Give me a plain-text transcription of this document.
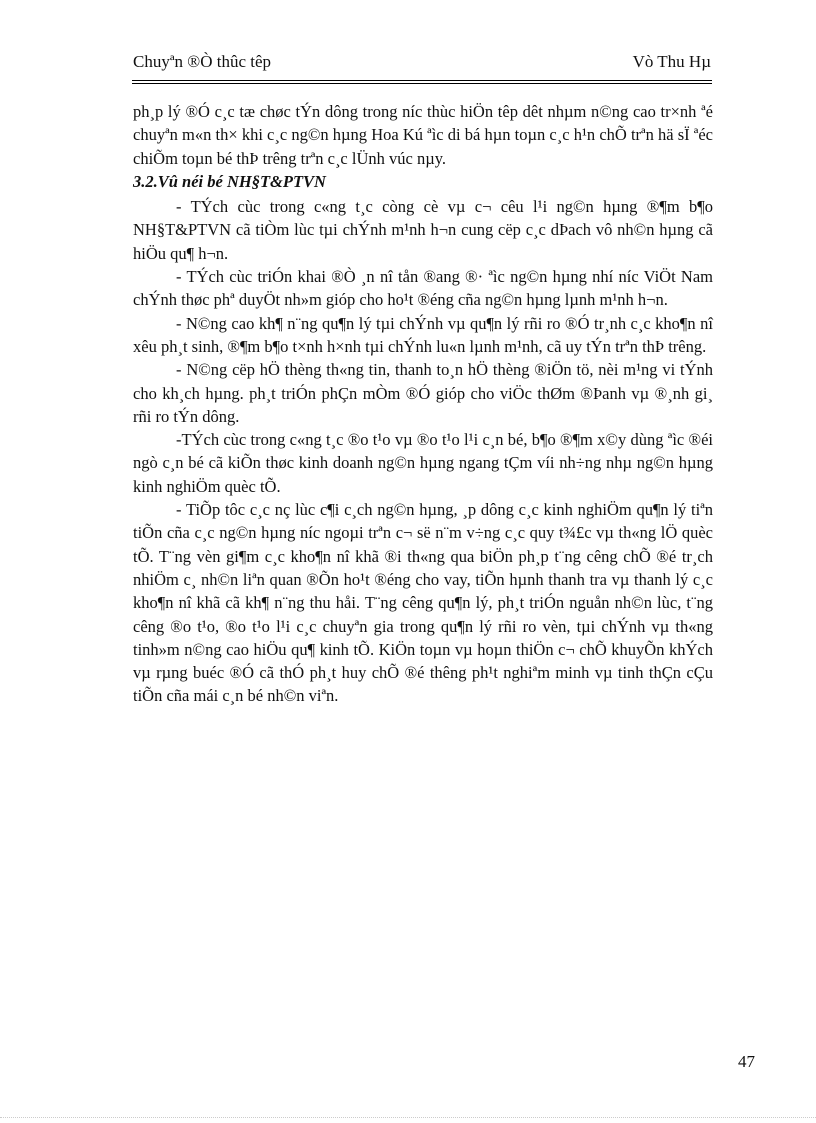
Chuyªn ®Ò thûc têp	Vò Thu Hµ

ph¸p lý ®Ó c¸c tæ chøc tÝn dông trong níc thùc hiÖn têp dêt nhµm n©ng cao tr×nh ªé chuyªn m«n th× khi c¸c ng©n hµng Hoa Kú ªìc di bá hµn toµn c¸c h¹n chÕ trªn hä sÏ ªéc chiÕm toµn bé thÞ trêng trªn c¸c lÜnh vúc nµy.

3.2.Vû néi bé NH§T&PTVN

- TÝch cùc trong c«ng t¸c còng cè vµ c¬ cêu l¹i ng©n hµng ®¶m b¶o NH§T&PTVN cã tiÒm lùc tµi chÝnh m¹nh h¬n cung cëp c¸c dÞach vô nh©n hµng cã hiÖu qu¶ h¬n.

- TÝch cùc triÓn khai ®Ò ¸n nî tån ®ang ®· ªìc ng©n hµng nhí níc ViÖt Nam chÝnh thøc phª duyÖt nh»m gióp cho ho¹t ®éng cña ng©n hµng lµnh m¹nh h¬n.

- N©ng cao kh¶ n¨ng qu¶n lý tµi chÝnh vµ qu¶n lý rñi ro ®Ó tr¸nh c¸c kho¶n nî xêu ph¸t sinh, ®¶m b¶o t×nh h×nh tµi chÝnh lu«n lµnh m¹nh, cã uy tÝn trªn thÞ trêng.

- N©ng cëp hÖ thèng th«ng tin, thanh to¸n hÖ thèng ®iÖn tö, nèi m¹ng vi tÝnh cho kh¸ch hµng. ph¸t triÓn phÇn mÒm ®Ó gióp cho viÖc thØm ®Þanh vµ ®¸nh gi¸ rñi ro tÝn dông.

-TÝch cùc trong c«ng t¸c ®o t¹o vµ ®o t¹o l¹i c¸n bé, b¶o ®¶m x©y dùng ªìc ®éi ngò c¸n bé cã kiÕn thøc kinh doanh ng©n hµng ngang tÇm víi nh÷ng nhµ ng©n hµng kinh nghiÖm quèc tÕ.

- TiÕp tôc c¸c nç lùc c¶i c¸ch ng©n hµng, ¸p dông c¸c kinh nghiÖm qu¶n lý tiªn tiÕn cña c¸c ng©n hµng níc ngoµi trªn c¬ së n¨m v÷ng c¸c quy t¾£c vµ th«ng lÖ quèc tÕ. T¨ng vèn gi¶m c¸c kho¶n nî khã ®i th«ng qua biÖn ph¸p t¨ng cêng chÕ ®é tr¸ch nhiÖm c¸ nh©n liªn quan ®Õn ho¹t ®éng cho vay, tiÕn hµnh thanh tra vµ thanh lý c¸c kho¶n nî khã cã kh¶ n¨ng thu håi. T¨ng cêng qu¶n lý, ph¸t triÓn nguån nh©n lùc, t¨ng cêng ®o t¹o, ®o t¹o l¹i c¸c chuyªn gia trong qu¶n lý rñi ro vèn, tµi chÝnh vµ th«ng tinh»m n©ng cao hiÖu qu¶ kinh tÕ. KiÖn toµn vµ hoµn thiÖn c¬ chÕ khuyÕn khÝch vµ rµng buéc ®Ó cã thÓ ph¸t huy chÕ ®é thêng ph¹t nghiªm minh vµ tinh thÇn cÇu tiÕn cña mái c¸n bé nh©n viªn.

47
